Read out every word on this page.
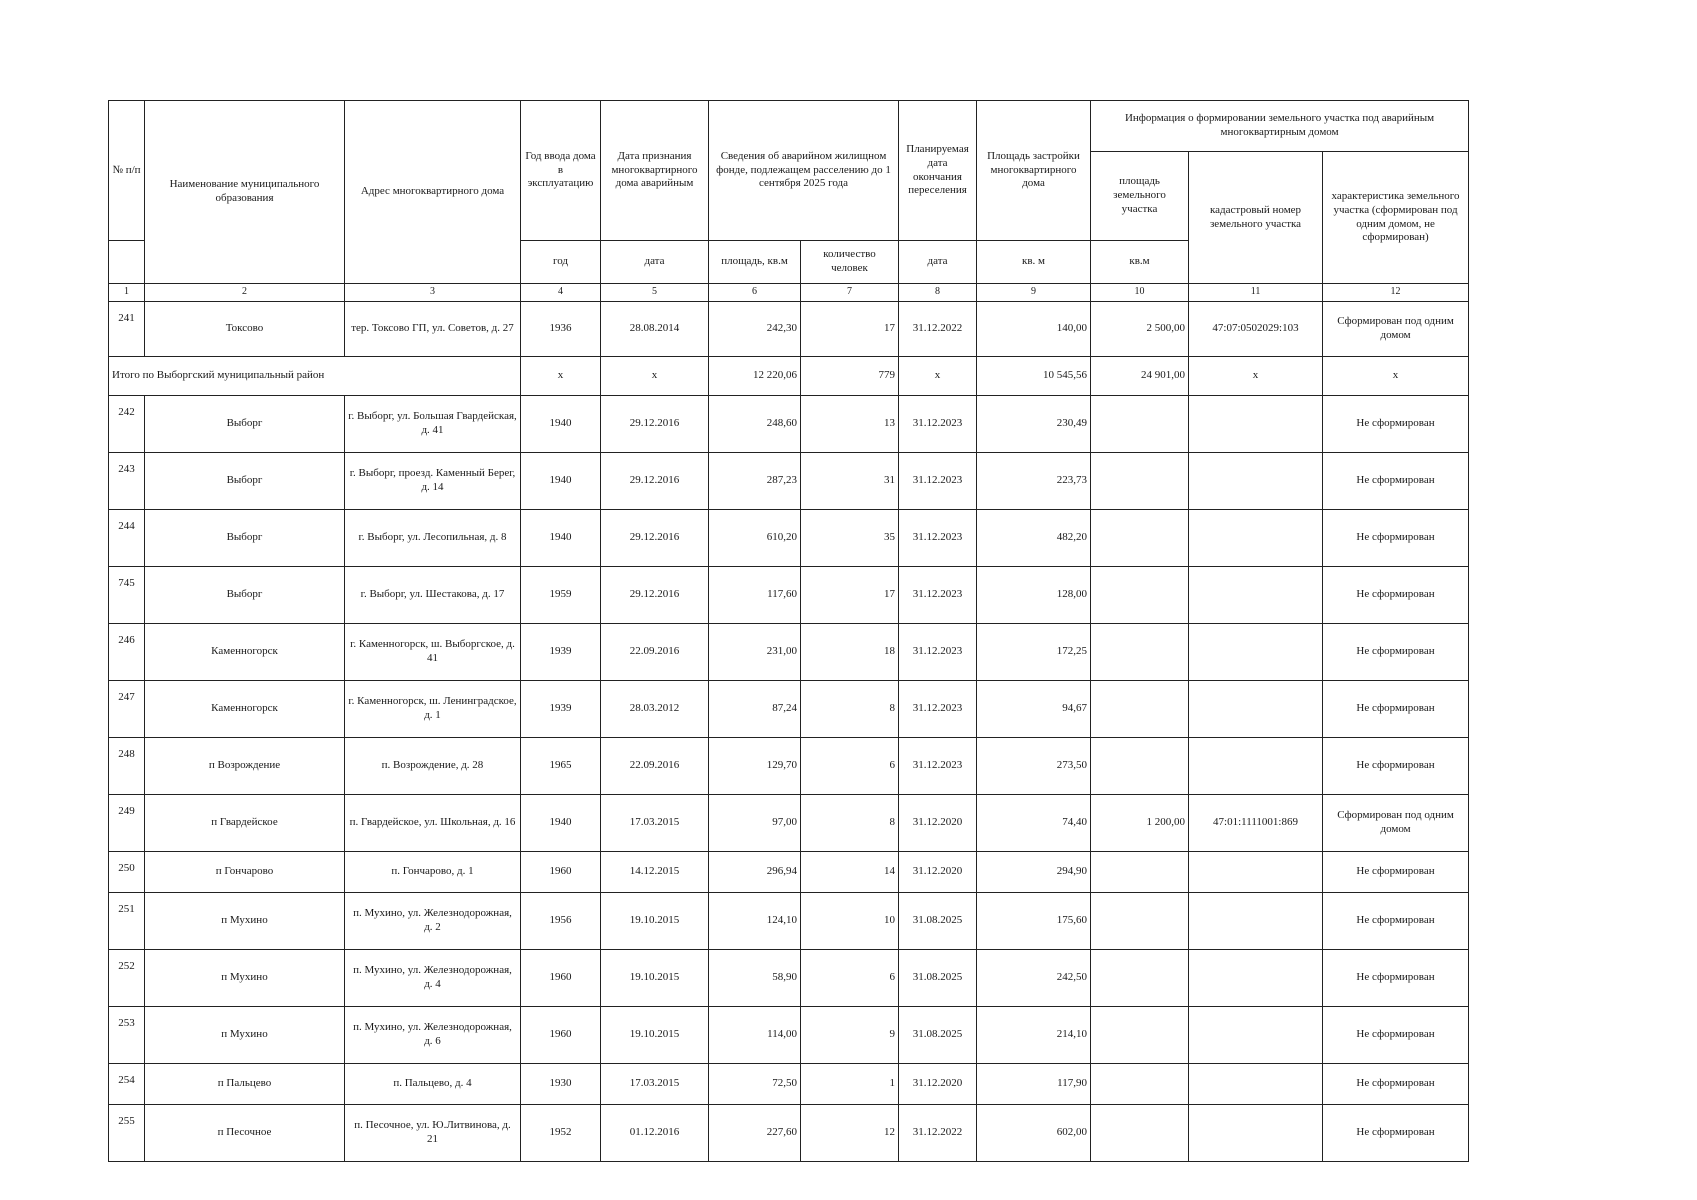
№ п/п	Наименование муниципального образования	Адрес многоквартирного дома	Год ввода дома в эксплуатацию	Дата признания многоквартирного дома аварийным	Сведения об аварийном жилищном фонде, подлежащем расселению до 1 сентября 2025 года		Планируемая дата окончания переселения	Площадь застройки многоквартирного дома	Информация о формировании земельного участка под аварийным многоквартирным домом		
									площадь земельного участка	кадастровый номер земельного участка	характеристика земельного участка (сформирован под одним домом, не сформирован)
			год	дата	площадь, кв.м	количество человек	дата	кв. м	кв.м		
1	2	3	4	5	6	7	8	9	10	11	12
241	Токсово	тер. Токсово ГП, ул. Советов, д. 27	1936	28.08.2014	242,30	17	31.12.2022	140,00	2 500,00	47:07:0502029:103	Сформирован под одним домом
Итого по Выборгский муниципальный район			x	x	12 220,06	779	x	10 545,56	24 901,00	x	x
242	Выборг	г. Выборг, ул. Большая Гвардейская, д. 41	1940	29.12.2016	248,60	13	31.12.2023	230,49			Не сформирован
243	Выборг	г. Выборг, проезд. Каменный Берег, д. 14	1940	29.12.2016	287,23	31	31.12.2023	223,73			Не сформирован
244	Выборг	г. Выборг, ул. Лесопильная, д. 8	1940	29.12.2016	610,20	35	31.12.2023	482,20			Не сформирован
745	Выборг	г. Выборг, ул. Шестакова, д. 17	1959	29.12.2016	117,60	17	31.12.2023	128,00			Не сформирован
246	Каменногорск	г. Каменногорск, ш. Выборгское, д. 41	1939	22.09.2016	231,00	18	31.12.2023	172,25			Не сформирован
247	Каменногорск	г. Каменногорск, ш. Ленинградское, д. 1	1939	28.03.2012	87,24	8	31.12.2023	94,67			Не сформирован
248	п Возрождение	п. Возрождение, д. 28	1965	22.09.2016	129,70	6	31.12.2023	273,50			Не сформирован
249	п Гвардейское	п. Гвардейское, ул. Школьная, д. 16	1940	17.03.2015	97,00	8	31.12.2020	74,40	1 200,00	47:01:1111001:869	Сформирован под одним домом
250	п Гончарово	п. Гончарово, д. 1	1960	14.12.2015	296,94	14	31.12.2020	294,90			Не сформирован
251	п Мухино	п. Мухино, ул. Железнодорожная, д. 2	1956	19.10.2015	124,10	10	31.08.2025	175,60			Не сформирован
252	п Мухино	п. Мухино, ул. Железнодорожная, д. 4	1960	19.10.2015	58,90	6	31.08.2025	242,50			Не сформирован
253	п Мухино	п. Мухино, ул. Железнодорожная, д. 6	1960	19.10.2015	114,00	9	31.08.2025	214,10			Не сформирован
254	п Пальцево	п. Пальцево, д. 4	1930	17.03.2015	72,50	1	31.12.2020	117,90			Не сформирован
255	п Песочное	п. Песочное, ул. Ю.Литвинова, д. 21	1952	01.12.2016	227,60	12	31.12.2022	602,00			Не сформирован
